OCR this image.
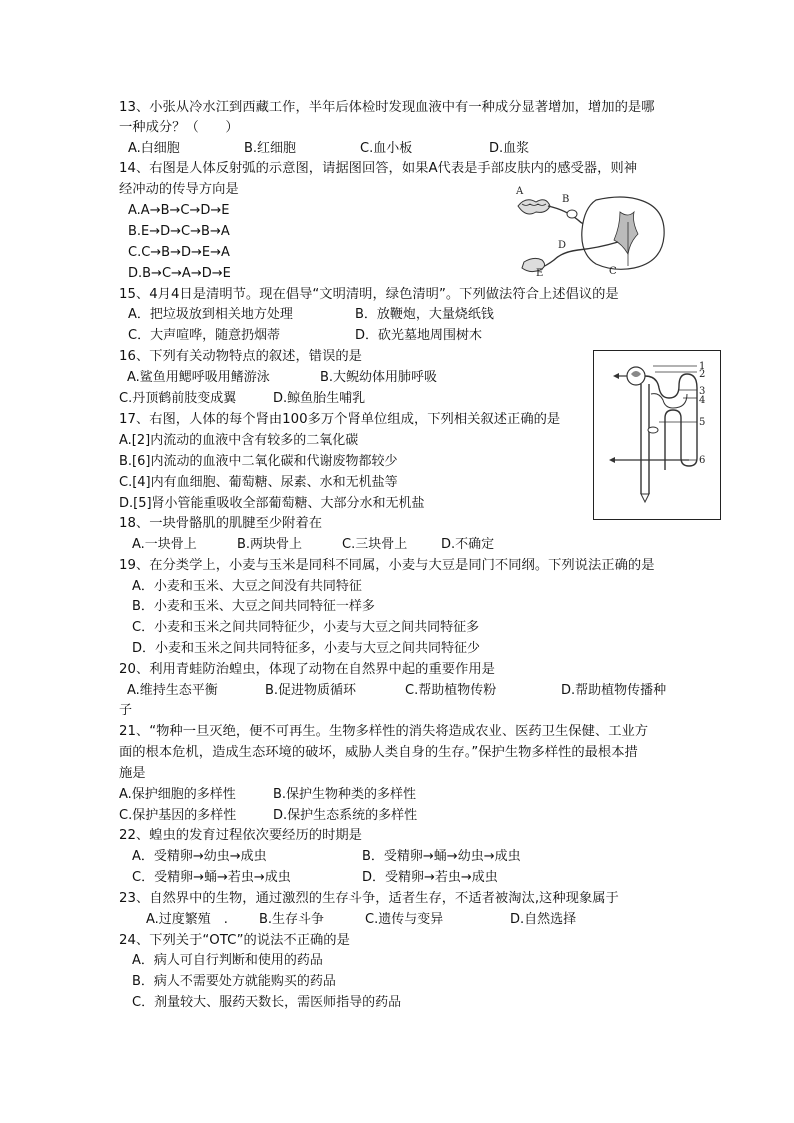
13、小张从冷水江到西藏工作，半年后体检时发现血液中有一种成分显著增加，增加的是哪
一种成分？（　　）
A.白细胞	B.红细胞	C.血小板	D.血浆
14、右图是人体反射弧的示意图，请据图回答，如果A代表是手部皮肤内的感受器，则神
经冲动的传导方向是
A.A→B→C→D→E
B.E→D→C→B→A
C.C→B→D→E→A
D.B→C→A→D→E
A
B
C
D
E
15、4月4日是清明节。现在倡导“文明清明，绿色清明”。下列做法符合上述倡议的是
A．把垃圾放到相关地方处理	B．放鞭炮，大量烧纸钱
C．大声喧哗，随意扔烟蒂	D．砍光墓地周围树木
16、下列有关动物特点的叙述，错误的是
A.鲨鱼用鳃呼吸用鳍游泳	B.大鲵幼体用肺呼吸
C.丹顶鹤前肢变成翼	D.鲸鱼胎生哺乳
1
2
3
4
5
6
17、右图，人体的每个肾由100多万个肾单位组成，下列相关叙述正确的是
A.[2]内流动的血液中含有较多的二氧化碳
B.[6]内流动的血液中二氧化碳和代谢废物都较少
C.[4]内有血细胞、葡萄糖、尿素、水和无机盐等
D.[5]肾小管能重吸收全部葡萄糖、大部分水和无机盐
18、一块骨骼肌的肌腱至少附着在
A.一块骨上	B.两块骨上	C.三块骨上	D.不确定
19、在分类学上，小麦与玉米是同科不同属，小麦与大豆是同门不同纲。下列说法正确的是
A．小麦和玉米、大豆之间没有共同特征
B．小麦和玉米、大豆之间共同特征一样多
C．小麦和玉米之间共同特征少，小麦与大豆之间共同特征多
D．小麦和玉米之间共同特征多，小麦与大豆之间共同特征少
20、利用青蛙防治蝗虫，体现了动物在自然界中起的重要作用是
A.维持生态平衡	B.促进物质循环	C.帮助植物传粉	D.帮助植物传播种
子
21、“物种一旦灭绝，便不可再生。生物多样性的消失将造成农业、医药卫生保健、工业方
面的根本危机，造成生态环境的破坏，威胁人类自身的生存。”保护生物多样性的最根本措
施是
A.保护细胞的多样性	B.保护生物种类的多样性
C.保护基因的多样性	D.保护生态系统的多样性
22、蝗虫的发育过程依次要经历的时期是
A．受精卵→幼虫→成虫	B．受精卵→蛹→幼虫→成虫
C．受精卵→蛹→若虫→成虫	D．受精卵→若虫→成虫
23、自然界中的生物，通过激烈的生存斗争，适者生存，不适者被淘汰,这种现象属于
A.过度繁殖　. B.生存斗争	C.遗传与变异	D.自然选择
24、下列关于“OTC”的说法不正确的是
A．病人可自行判断和使用的药品
B．病人不需要处方就能购买的药品
C．剂量较大、服药天数长，需医师指导的药品
